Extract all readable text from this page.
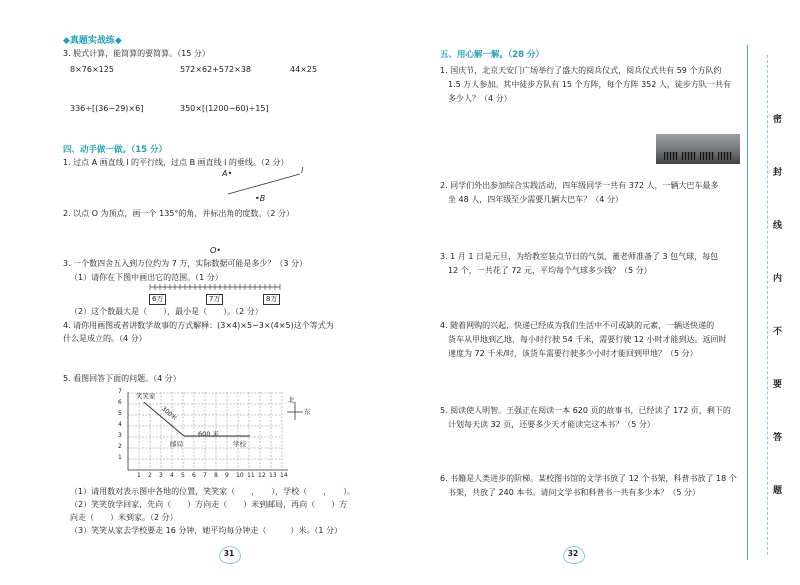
◆真题实战练◆
3. 脱式计算，能简算的要简算。（15 分）
8×76×125	572×62+572×38	44×25
336÷[(36−29)×6]	350×[(1200−60)÷15]
四、动手做一做。（15 分）
1. 过点 A 画直线 l 的平行线，过点 B 画直线 l 的垂线。（2 分）
A•	l
•B
2. 以点 O 为顶点，画一个 135°的角，并标出角的度数。（2 分）
O•
3. 一个数四舍五入到万位约为 7 万，实际数据可能是多少？（3 分）
（1）请你在下图中画出它的范围。（1 分）
6万	7万	8万
（2）这个数最大是（　　），最小是（　　）。（2 分）
4. 请你用画图或者讲数学故事的方式解释：(3×4)×5−3×(4×5)这个等式为
什么是成立的。（4 分）
5. 看图回答下面的问题。（4 分）
笑笑家
300米
600 米
邮局	学校
北
东
1
2
3
4
5
6
7
1 2 3 4 5 6 7 8 9 10 11 12 13 14
（1）请用数对表示图中各地的位置，笑笑家（　　，　　），学校（　　，　　）。
（2）笑笑放学回家，先向（　　）方向走（　　）米到邮局，再向（　　）方
向走（　　）米到家。（2 分）
（3）笑笑从家去学校要走 16 分钟，她平均每分钟走（　　　）米。（1 分）
31
五、用心解一解。（28 分）
1. 国庆节，北京天安门广场举行了盛大的阅兵仪式，阅兵仪式共有 59 个方队约
1.5 万人参加。其中徒步方队有 15 个方阵，每个方阵 352 人，徒步方队一共有
多少人？（4 分）
2. 同学们外出参加综合实践活动，四年级同学一共有 372 人，一辆大巴车最多
坐 48 人，四年级至少需要几辆大巴车？（4 分）
3. 1 月 1 日是元旦，为给教室装点节日的气氛，董老师准备了 3 包气球，每包
12 个，一共花了 72 元，平均每个气球多少钱？（5 分）
4. 随着网购的兴起，快递已经成为我们生活中不可或缺的元素，一辆送快递的
货车从甲地到乙地，每小时行驶 54 千米，需要行驶 12 小时才能到达。返回时
速度为 72 千米/时，该货车需要行驶多少小时才能回到甲地？（5 分）
5. 阅读使人明智。王强正在阅读一本 620 页的故事书，已经读了 172 页，剩下的
计划每天读 32 页，还要多少天才能读完这本书？（5 分）
6. 书籍是人类进步的阶梯。某校图书馆的文学书放了 12 个书架，科普书放了 18 个
书架，共放了 240 本书。请问文学书和科普书一共有多少本？（5 分）
32
密
封
线
内
不
要
答
题
